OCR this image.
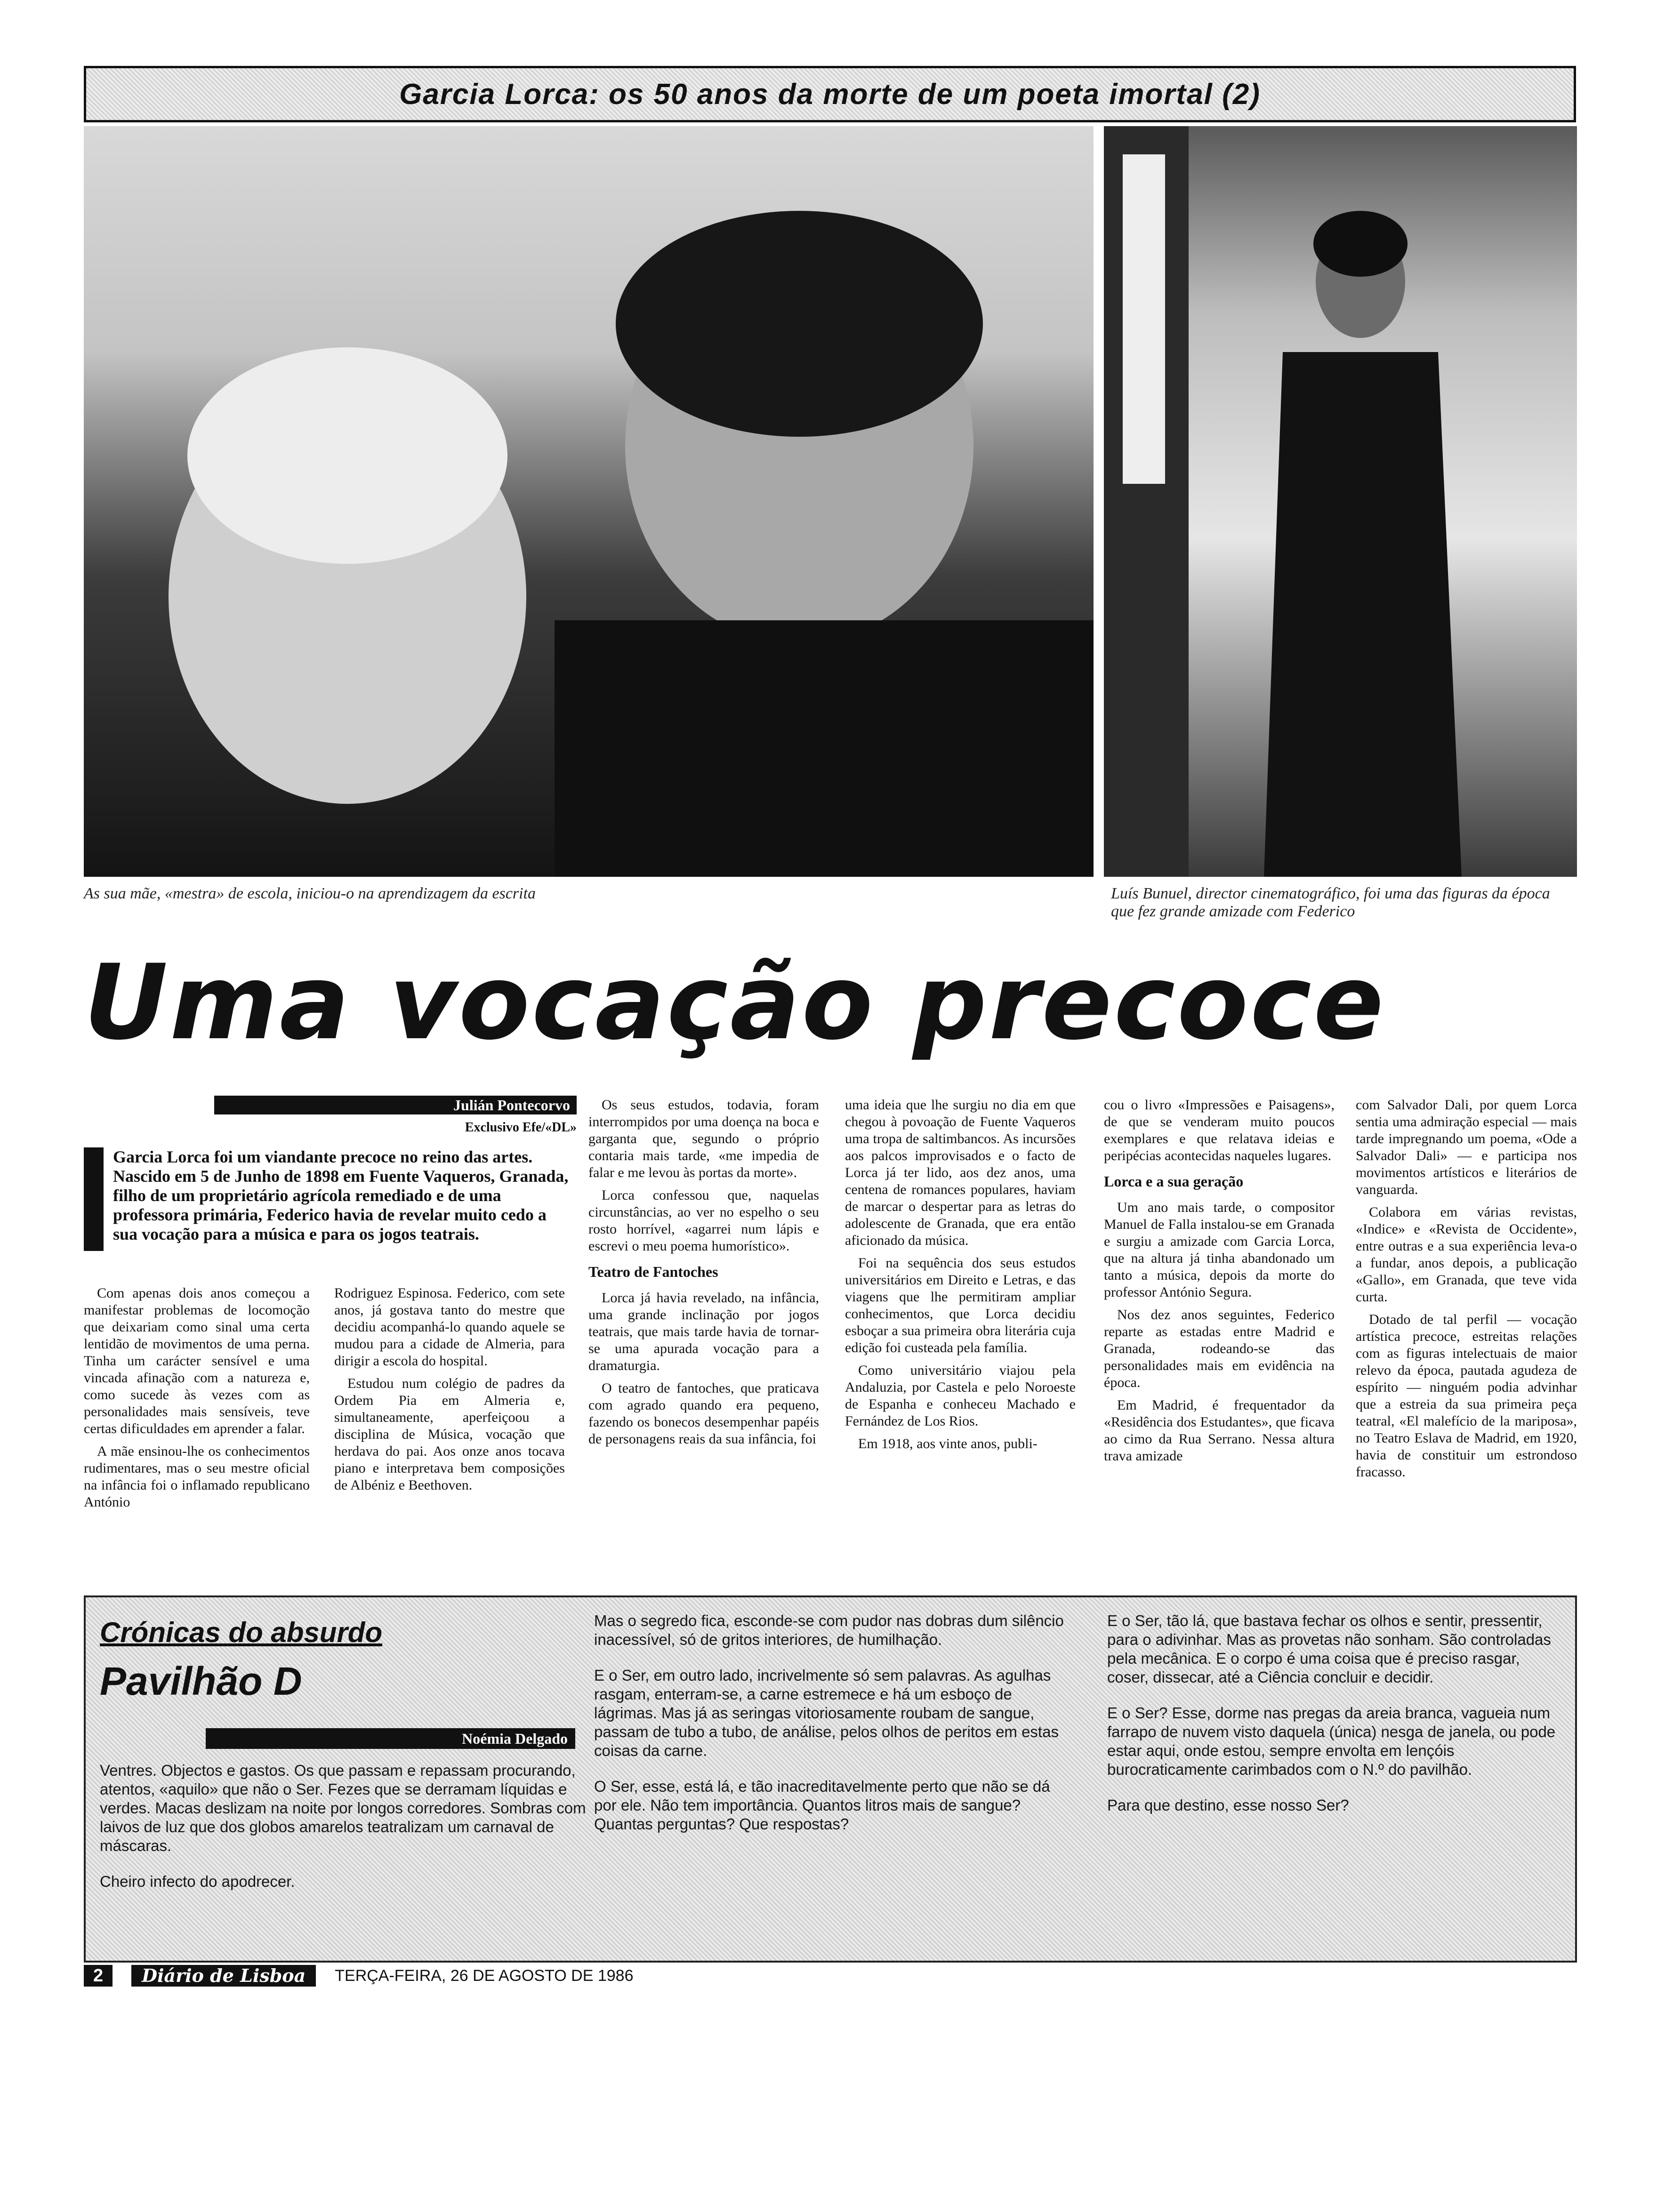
Garcia Lorca: os 50 anos da morte de um poeta imortal (2)
As sua mãe, «mestra» de escola, iniciou-o na aprendizagem da escrita	Luís Bunuel, director cinematográfico, foi uma das figuras da época que fez grande amizade com Federico
Uma vocação precoce
Julián Pontecorvo
Exclusivo Efe/«DL»
Garcia Lorca foi um viandante precoce no reino das artes. Nascido em 5 de Junho de 1898 em Fuente Vaqueros, Granada, filho de um proprietário agrícola remediado e de uma professora primária, Federico havia de revelar muito cedo a sua vocação para a música e para os jogos teatrais.

Com apenas dois anos começou a manifestar problemas de locomoção que deixariam como sinal uma certa lentidão de movimentos de uma perna. Tinha um carácter sensível e uma vincada afinação com a natureza e, como sucede às vezes com as personalidades mais sensíveis, teve certas dificuldades em aprender a falar.

A mãe ensinou-lhe os conhecimentos rudimentares, mas o seu mestre oficial na infância foi o inflamado republicano António

Rodriguez Espinosa. Federico, com sete anos, já gostava tanto do mestre que decidiu acompanhá-lo quando aquele se mudou para a cidade de Almeria, para dirigir a escola do hospital.

Estudou num colégio de padres da Ordem Pia em Almeria e, simultaneamente, aperfeiçoou a disciplina de Música, vocação que herdava do pai. Aos onze anos tocava piano e interpretava bem composições de Albéniz e Beethoven.

Os seus estudos, todavia, foram interrompidos por uma doença na boca e garganta que, segundo o próprio contaria mais tarde, «me impedia de falar e me levou às portas da morte».

Lorca confessou que, naquelas circunstâncias, ao ver no espelho o seu rosto horrível, «agarrei num lápis e escrevi o meu poema humorístico».

Teatro de Fantoches

Lorca já havia revelado, na infância, uma grande inclinação por jogos teatrais, que mais tarde havia de tornar-se uma apurada vocação para a dramaturgia.

O teatro de fantoches, que praticava com agrado quando era pequeno, fazendo os bonecos desempenhar papéis de personagens reais da sua infância, foi

uma ideia que lhe surgiu no dia em que chegou à povoação de Fuente Vaqueros uma tropa de saltimbancos. As incursões aos palcos improvisados e o facto de Lorca já ter lido, aos dez anos, uma centena de romances populares, haviam de marcar o despertar para as letras do adolescente de Granada, que era então aficionado da música.

Foi na sequência dos seus estudos universitários em Direito e Letras, e das viagens que lhe permitiram ampliar conhecimentos, que Lorca decidiu esboçar a sua primeira obra literária cuja edição foi custeada pela família.

Como universitário viajou pela Andaluzia, por Castela e pelo Noroeste de Espanha e conheceu Machado e Fernández de Los Rios.

Em 1918, aos vinte anos, publi-

cou o livro «Impressões e Paisagens», de que se venderam muito poucos exemplares e que relatava ideias e peripécias acontecidas naqueles lugares.

Lorca e a sua geração

Um ano mais tarde, o compositor Manuel de Falla instalou-se em Granada e surgiu a amizade com Garcia Lorca, que na altura já tinha abandonado um tanto a música, depois da morte do professor António Segura.

Nos dez anos seguintes, Federico reparte as estadas entre Madrid e Granada, rodeando-se das personalidades mais em evidência na época.

Em Madrid, é frequentador da «Residência dos Estudantes», que ficava ao cimo da Rua Serrano. Nessa altura trava amizade

com Salvador Dali, por quem Lorca sentia uma admiração especial — mais tarde impregnando um poema, «Ode a Salvador Dali» — e participa nos movimentos artísticos e literários de vanguarda.

Colabora em várias revistas, «Indice» e «Revista de Occidente», entre outras e a sua experiência leva-o a fundar, anos depois, a publicação «Gallo», em Granada, que teve vida curta.

Dotado de tal perfil — vocação artística precoce, estreitas relações com as figuras intelectuais de maior relevo da época, pautada agudeza de espírito — ninguém podia advinhar que a estreia da sua primeira peça teatral, «El malefício de la mariposa», no Teatro Eslava de Madrid, em 1920, havia de constituir um estrondoso fracasso.

Crónicas do absurdo
Pavilhão D
Noémia Delgado

Ventres. Objectos e gastos. Os que passam e repassam procurando, atentos, «aquilo» que não o Ser. Fezes que se derramam líquidas e verdes. Macas deslizam na noite por longos corredores. Sombras com laivos de luz que dos globos amarelos teatralizam um carnaval de máscaras.

Cheiro infecto do apodrecer.

Mas o segredo fica, esconde-se com pudor nas dobras dum silêncio inacessível, só de gritos interiores, de humilhação.

E o Ser, em outro lado, incrivelmente só sem palavras. As agulhas rasgam, enterram-se, a carne estremece e há um esboço de lágrimas. Mas já as seringas vitoriosamente roubam de sangue, passam de tubo a tubo, de análise, pelos olhos de peritos em estas coisas da carne.

O Ser, esse, está lá, e tão inacreditavelmente perto que não se dá por ele. Não tem importância. Quantos litros mais de sangue? Quantas perguntas? Que respostas?

E o Ser, tão lá, que bastava fechar os olhos e sentir, pressentir, para o adivinhar. Mas as provetas não sonham. São controladas pela mecânica. E o corpo é uma coisa que é preciso rasgar, coser, dissecar, até a Ciência concluir e decidir.

E o Ser? Esse, dorme nas pregas da areia branca, vagueia num farrapo de nuvem visto daquela (única) nesga de janela, ou pode estar aqui, onde estou, sempre envolta em lençóis burocraticamente carimbados com o N.º do pavilhão.

Para que destino, esse nosso Ser?

2	Diário de Lisboa	TERÇA-FEIRA, 26 DE AGOSTO DE 1986
